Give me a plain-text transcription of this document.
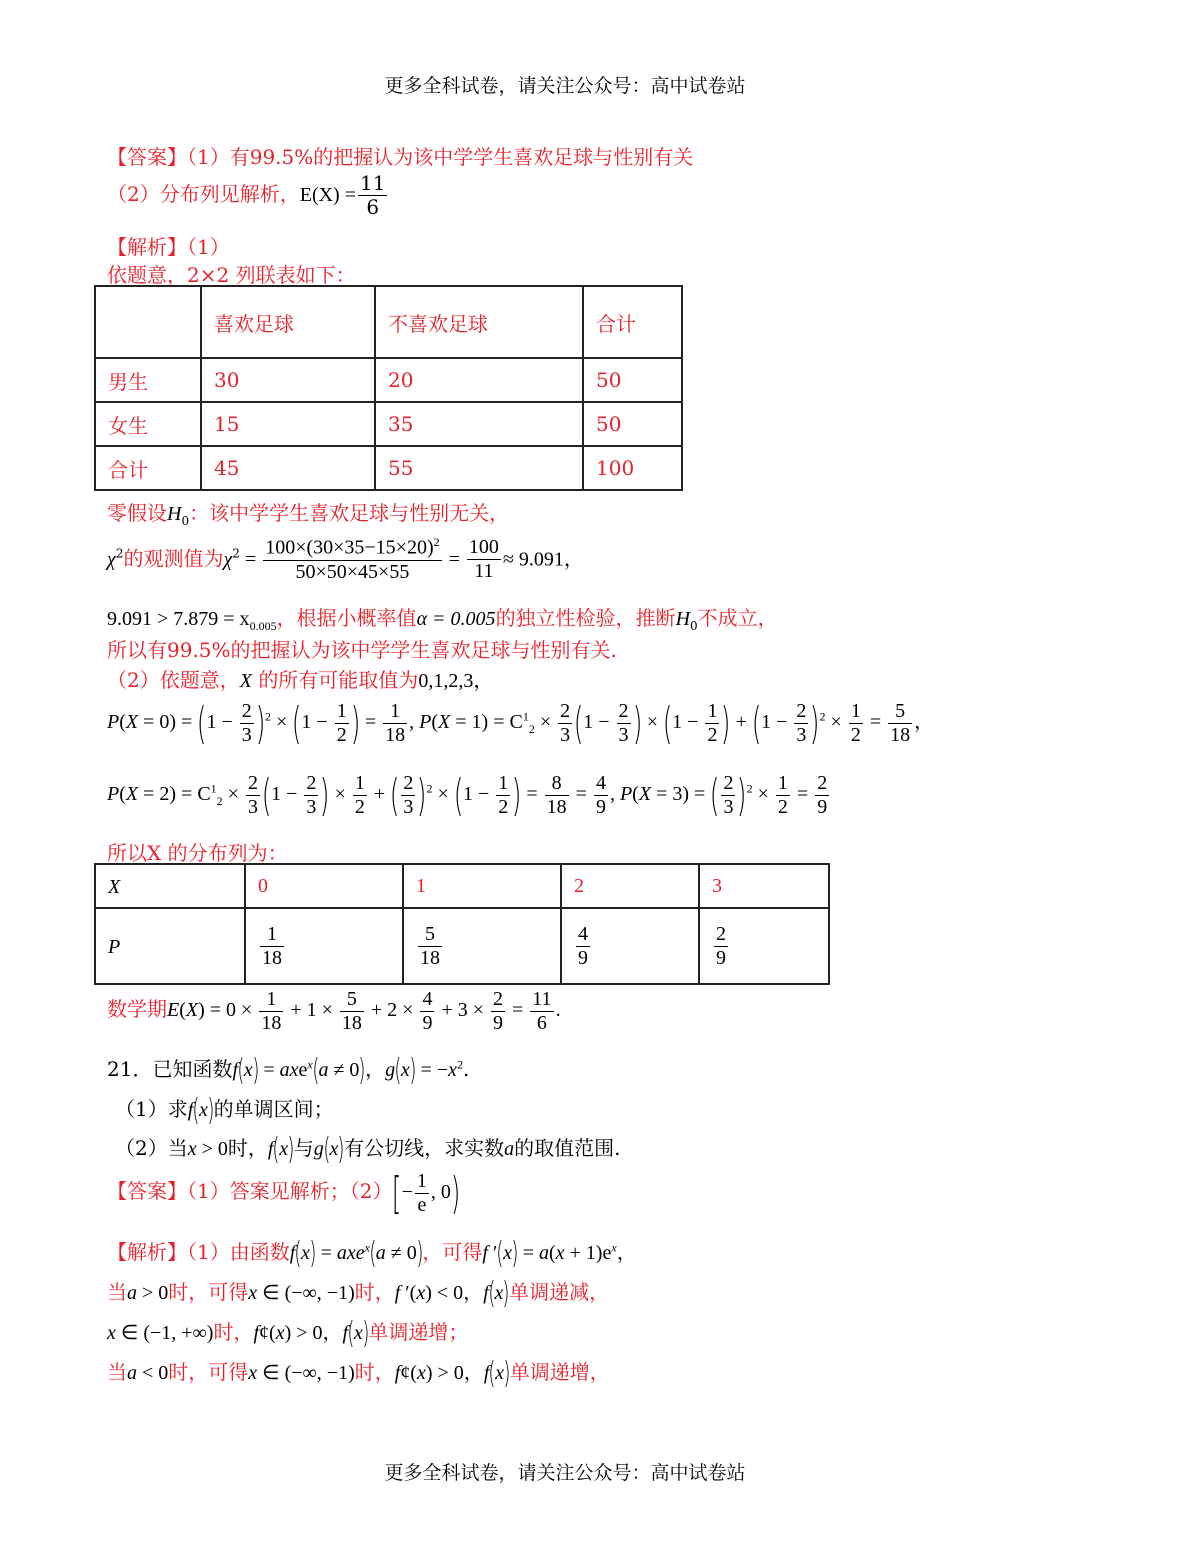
更多全科试卷，请关注公众号：高中试卷站
【答案】（1）有99.5%的把握认为该中学学生喜欢足球与性别有关
（2）分布列见解析，$E(X) = \frac{11}{6}$
【解析】（1）
依题意，2×2 列联表如下：
	喜欢足球	不喜欢足球	合计
男生	30	20	50
女生	15	35	50
合计	45	55	100
零假设$H_0$：该中学学生喜欢足球与性别无关，
$\chi^2$的观测值为$\chi^2 = \frac{100\times(30\times 35-15\times 20)^2}{50\times 50\times 45\times 55} = \frac{100}{11} \approx 9.091$，
$9.091 > 7.879 = x_{0.005}$，根据小概率值α = 0.005的独立性检验，推断$H_0$不成立，
所以有99.5%的把握认为该中学学生喜欢足球与性别有关.
（2）依题意，X 的所有可能取值为0,1,2,3，
$P(X = 0) = (1 - \frac{2}{3} )^2 \times (1 - \frac{1}{2}$ ) = $\frac{1}{18}$ , $P(X = 1) = C^1_2 \times \frac{2}{3} (1 - \frac{2}{3}$ ) × ($1 - \frac{1}{2}$ ) + $(1 - \frac{2}{3} )^2 \times \frac{1}{2} = \frac{5}{18}$ ，
$P(X = 2) = C^1_2 \times \frac{2}{3} (1 - \frac{2}{3}$ ) × $\frac{1}{2}$ + ( $\frac{2}{3} )^2 \times (1 - \frac{1}{2}$ ) = $\frac{8}{18} = \frac{4}{9}$ , P(X = 3) = ( $\frac{2}{3} )^2 \times \frac{1}{2} = \frac{2}{9}$
所以X 的分布列为：
X	0	1	2	3
P	$\frac{1}{18}$	$\frac{5}{18}$	$\frac{4}{9}$	$\frac{2}{9}$
数学期$E(X) = 0 \times \frac{1}{18} + 1 \times \frac{5}{18} + 2 \times \frac{4}{9} + 3 \times \frac{2}{9} = \frac{11}{6}$ .
21．已知函数f(x) = axe$^x$(a ≠ 0)，$g(x) = -x^2$.
（1）求f(x)的单调区间；
（2）当x > 0时，f(x)与g(x)有公切线，求实数a的取值范围.
【答案】（1）答案见解析；$(2)[- \frac{1}{e}$ , 0)
【解析】（1）由函数f(x) = axe$^x$(a ≠ 0)，可得f $'(x) = a(x + 1)e^x$，
当a > 0时，可得x ∈ (−∞, −1)时，f ′(x) < 0，f(x)单调递减，
x ∈ (−1, +∞)时，f¢(x) > 0，f(x)单调递增；
当a < 0时，可得x ∈ (−∞, −1)时，f¢(x) > 0，f(x)单调递增，
更多全科试卷，请关注公众号：高中试卷站
